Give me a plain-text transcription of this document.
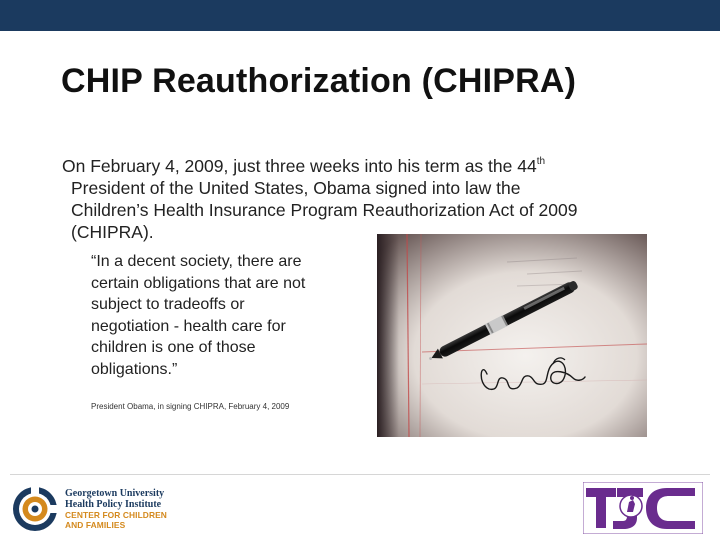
CHIP Reauthorization (CHIPRA)
On February 4, 2009, just three weeks into his term as the 44th
President of the United States, Obama signed into law the
Children’s Health Insurance Program Reauthorization Act of 2009
(CHIPRA).
“In a decent society, there are certain obligations that are not subject to tradeoffs or negotiation - health care for children is one of those obligations.”
President Obama, in signing CHIPRA, February 4, 2009
Georgetown University
Health Policy Institute
CENTER FOR CHILDREN
AND FAMILIES
